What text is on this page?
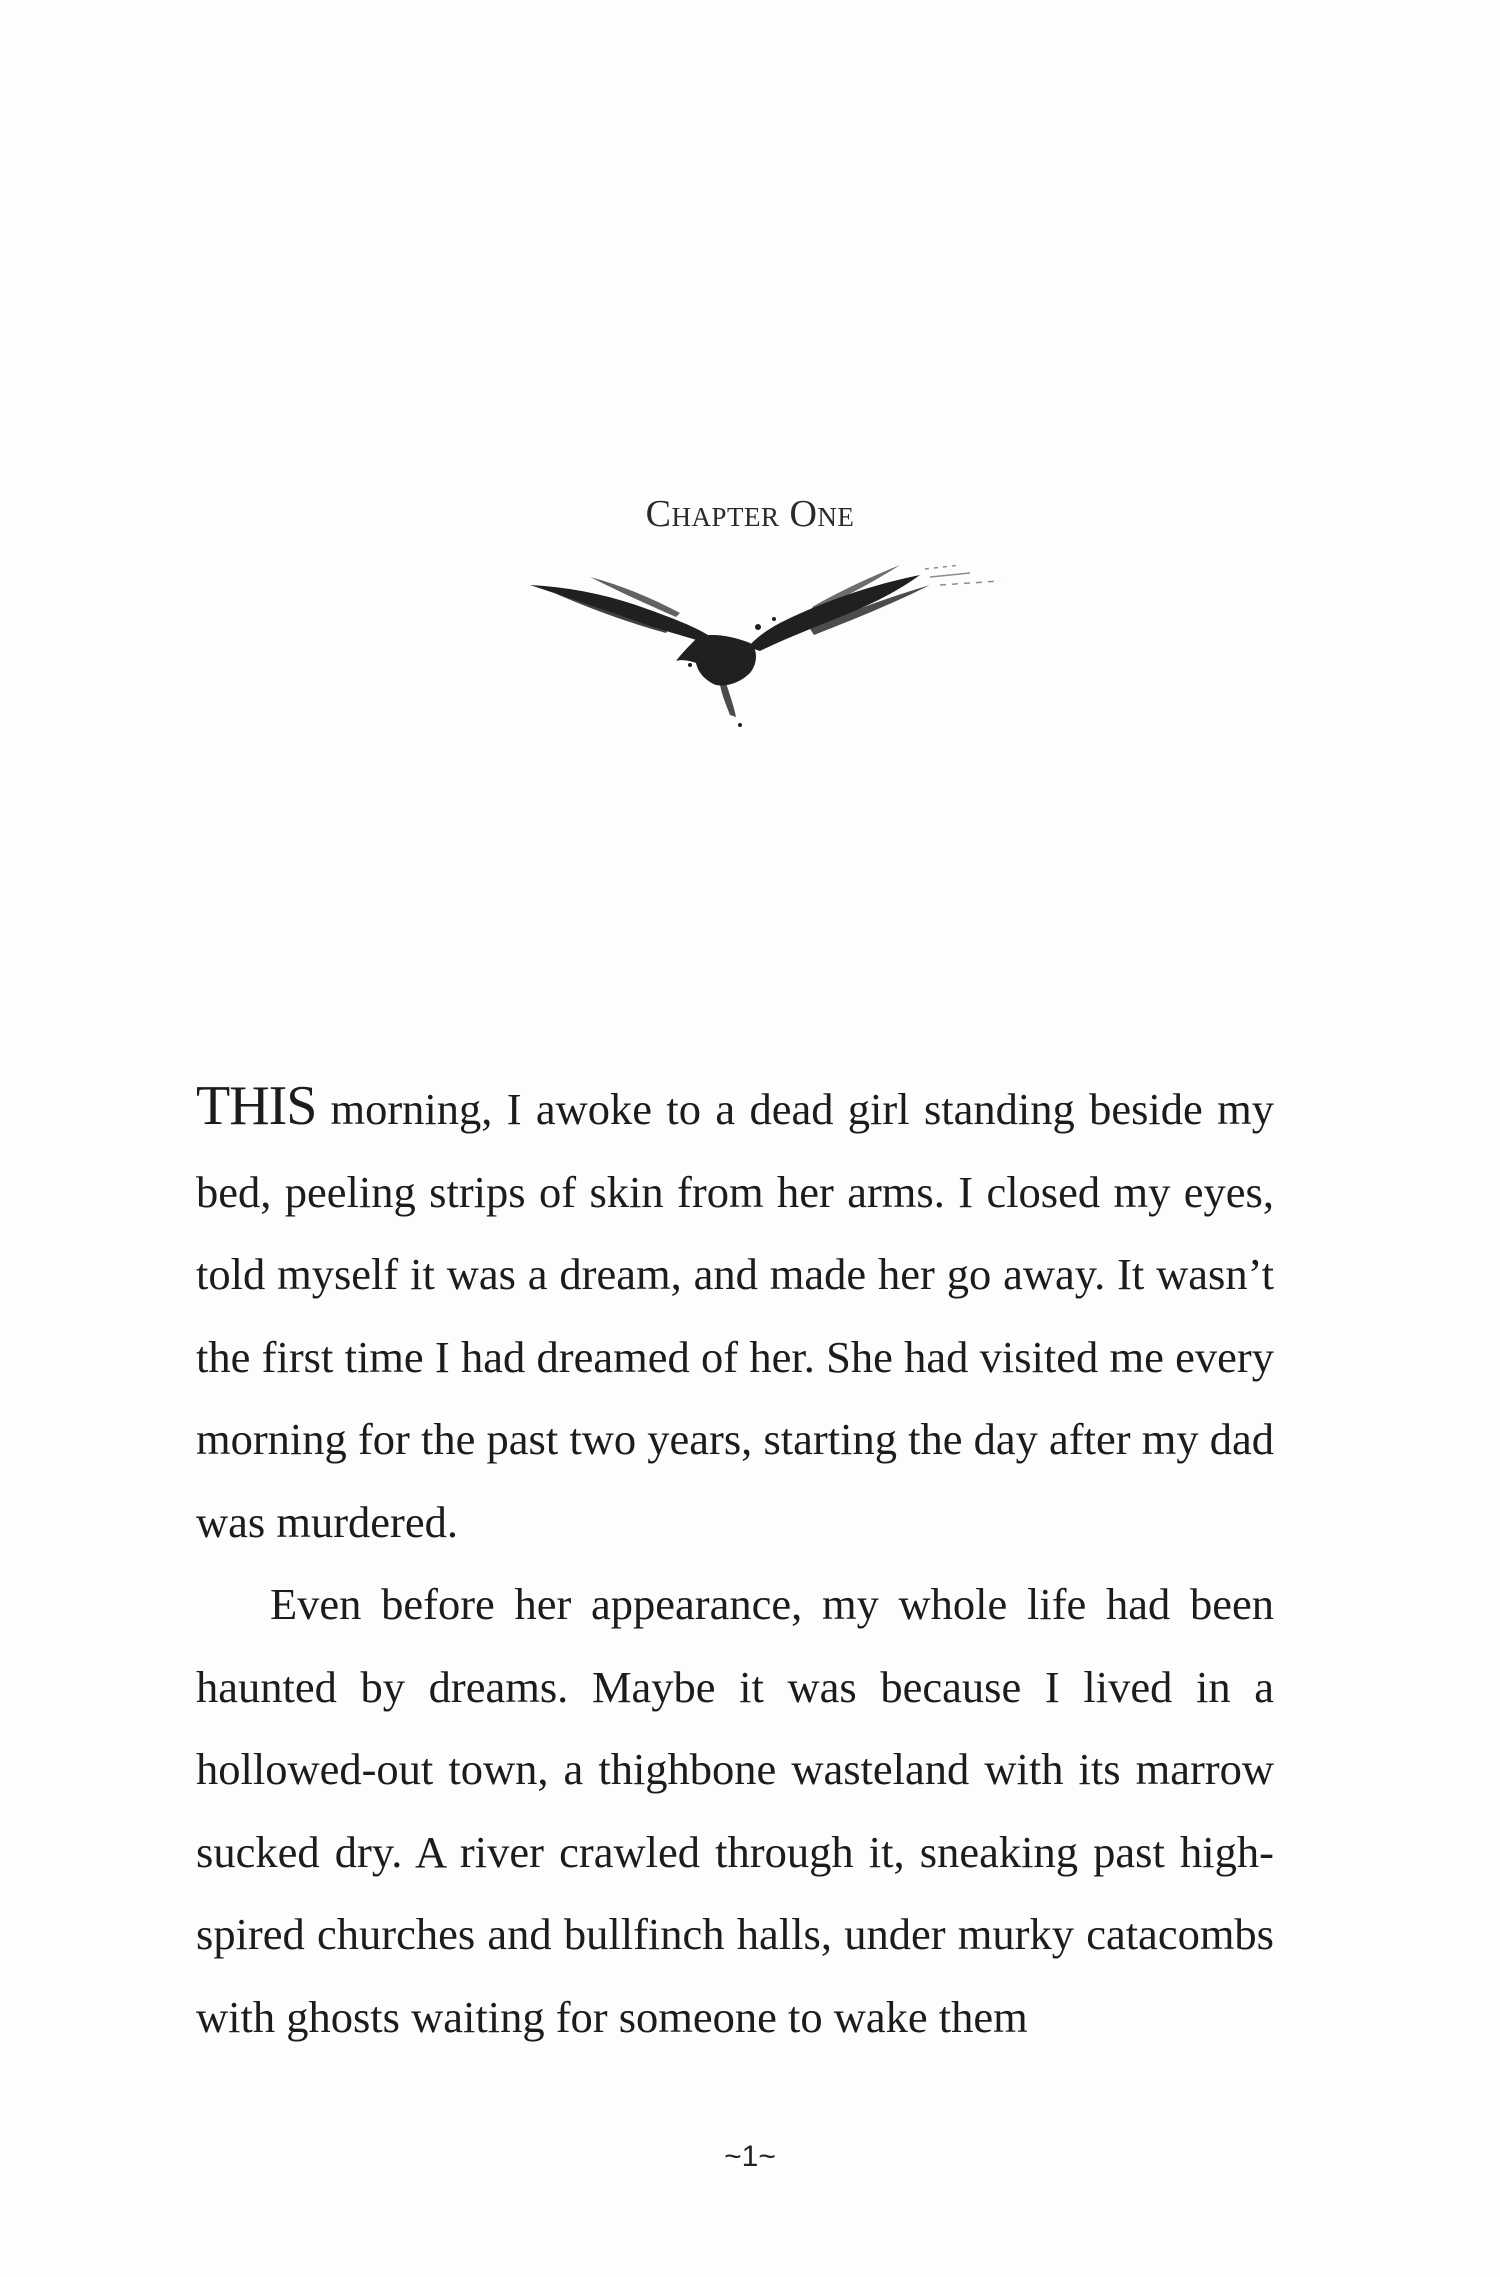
Chapter One

THIS morning, I awoke to a dead girl standing beside my bed, peeling strips of skin from her arms. I closed my eyes, told myself it was a dream, and made her go away. It wasn’t the first time I had dreamed of her. She had visited me every morning for the past two years, starting the day after my dad was murdered.

Even before her appearance, my whole life had been haunted by dreams. Maybe it was because I lived in a hollowed-out town, a thighbone wasteland with its marrow sucked dry. A river crawled through it, sneaking past high-spired churches and bullfinch halls, under murky catacombs with ghosts waiting for someone to wake them

~1~
